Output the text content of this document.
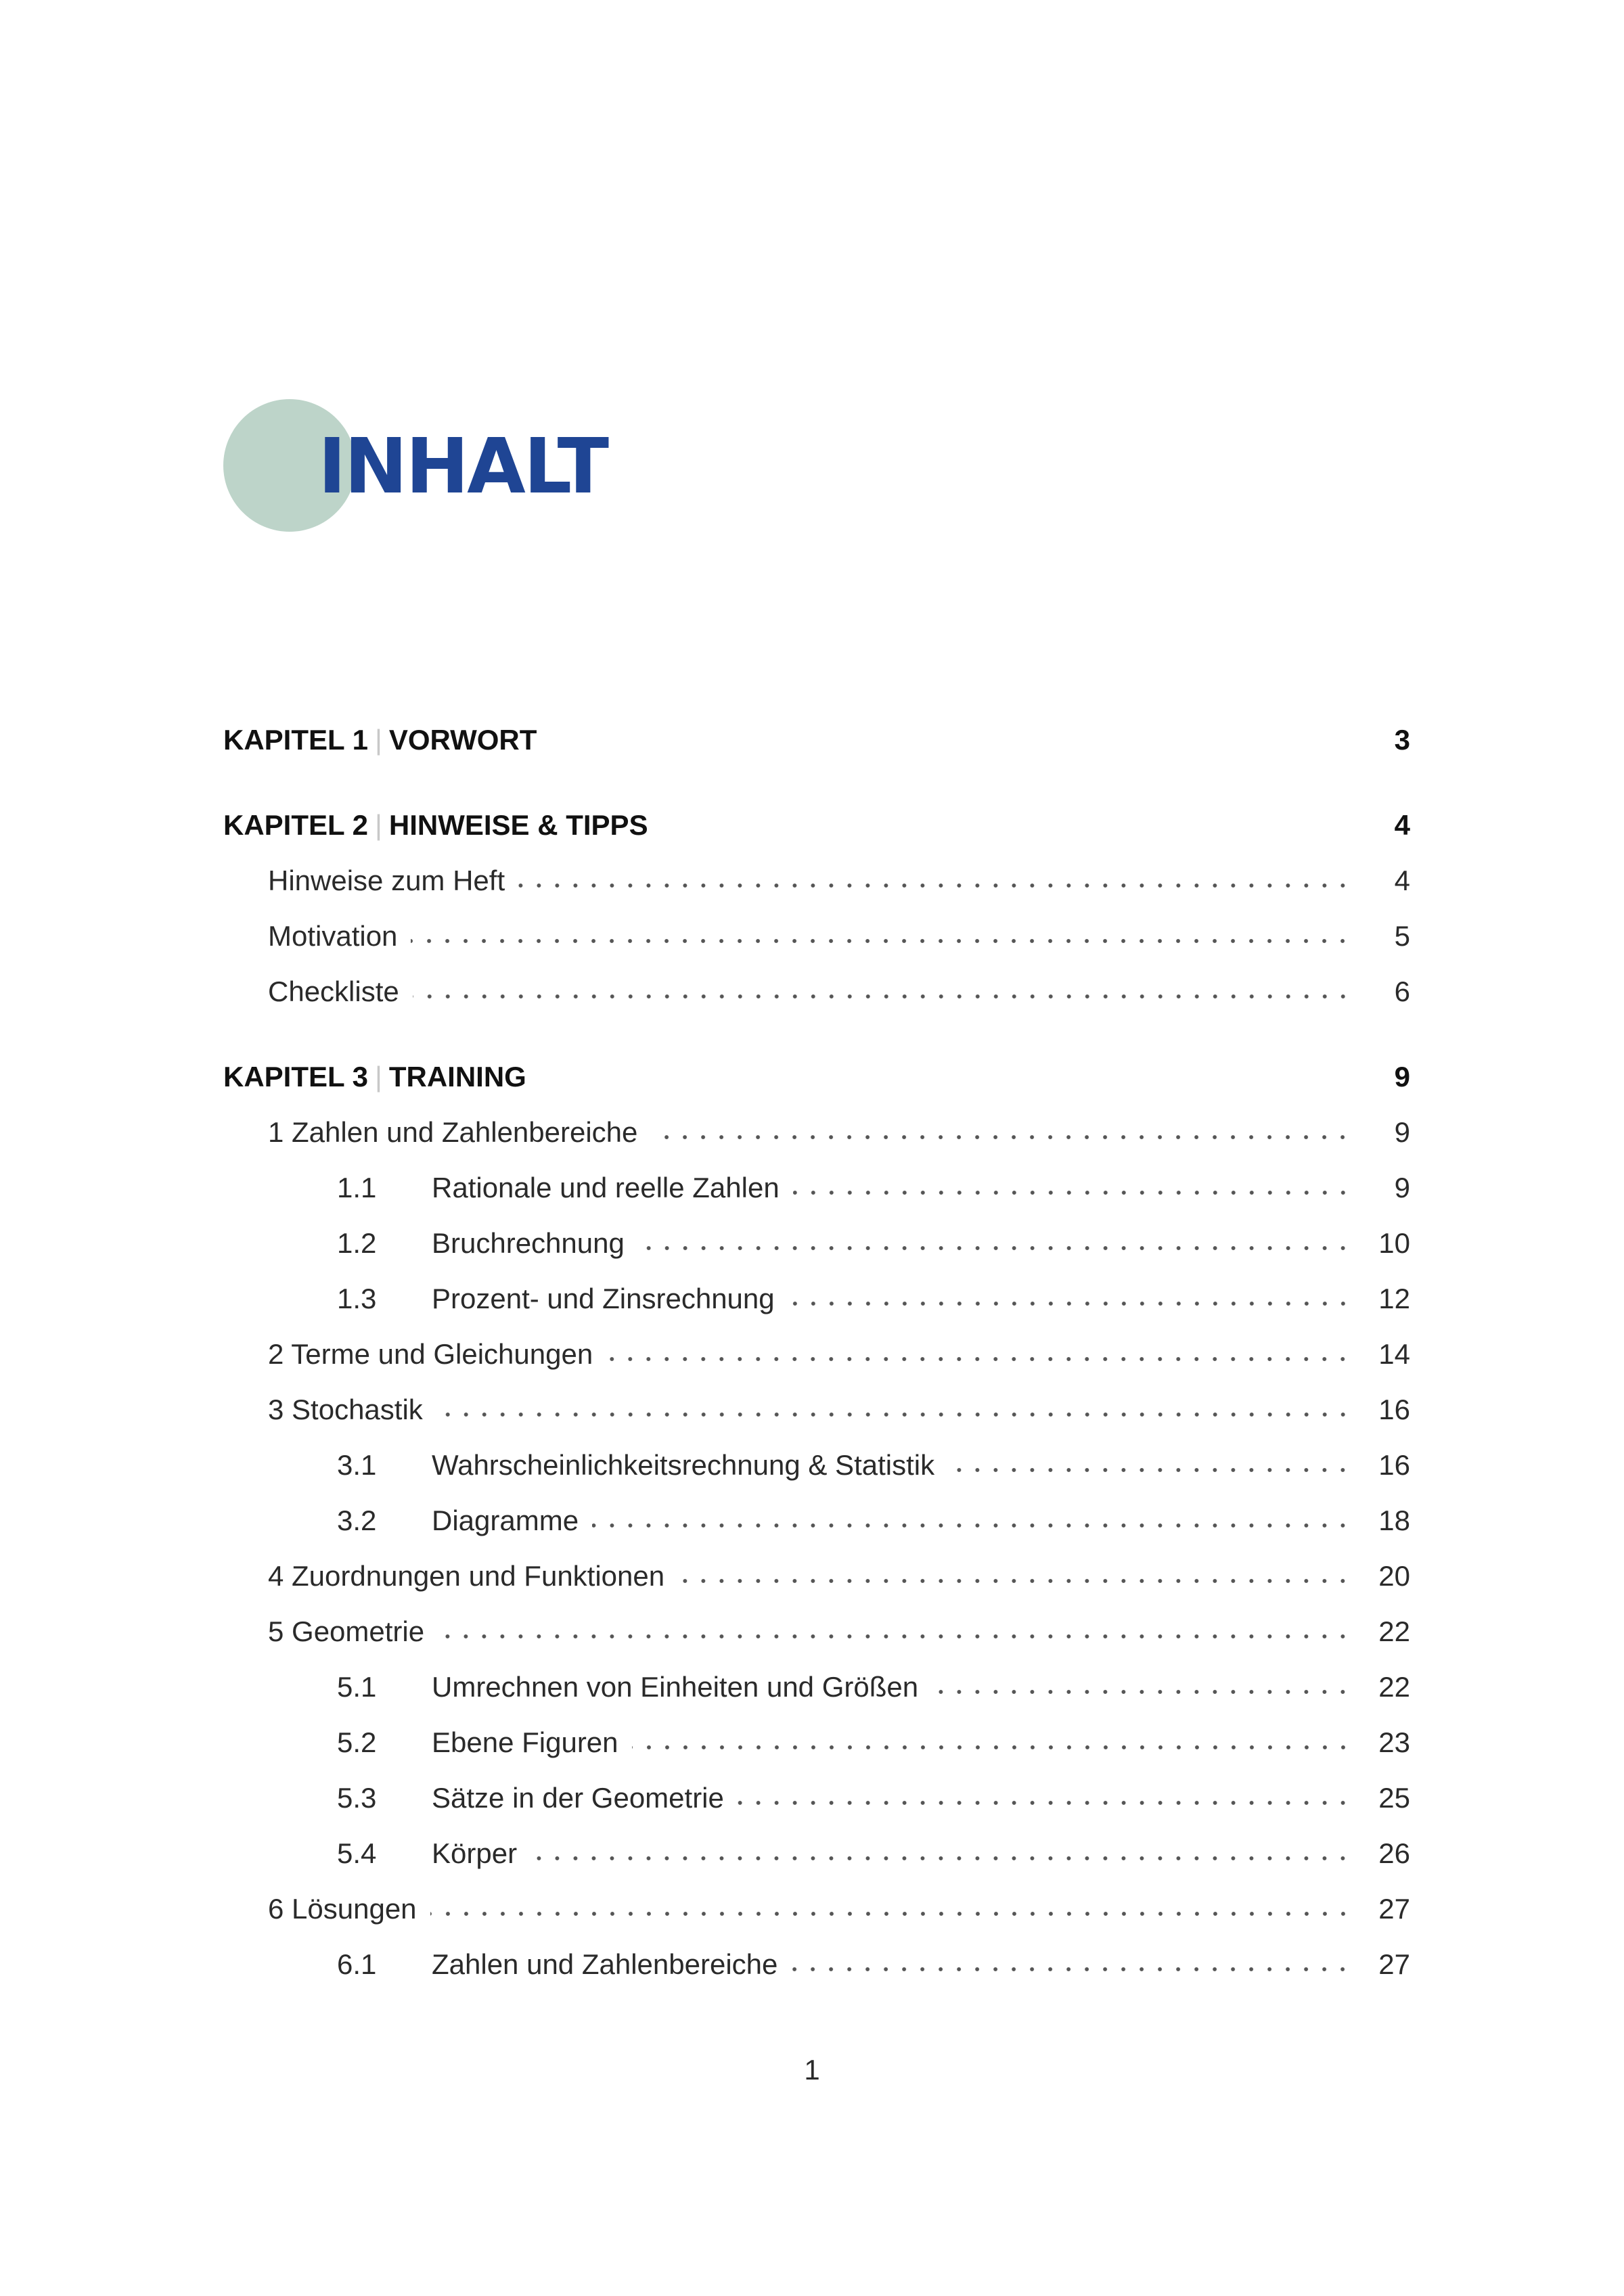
INHALT
KAPITEL 1 | VORWORT	3
KAPITEL 2 | HINWEISE & TIPPS	4
Hinweise zum Heft	4
Motivation	5
Checkliste	6
KAPITEL 3 | TRAINING	9
1 Zahlen und Zahlenbereiche	9
1.1 Rationale und reelle Zahlen	9
1.2 Bruchrechnung	10
1.3 Prozent- und Zinsrechnung	12
2 Terme und Gleichungen	14
3 Stochastik	16
3.1 Wahrscheinlichkeitsrechnung & Statistik	16
3.2 Diagramme	18
4 Zuordnungen und Funktionen	20
5 Geometrie	22
5.1 Umrechnen von Einheiten und Größen	22
5.2 Ebene Figuren	23
5.3 Sätze in der Geometrie	25
5.4 Körper	26
6 Lösungen	27
6.1 Zahlen und Zahlenbereiche	27
1
